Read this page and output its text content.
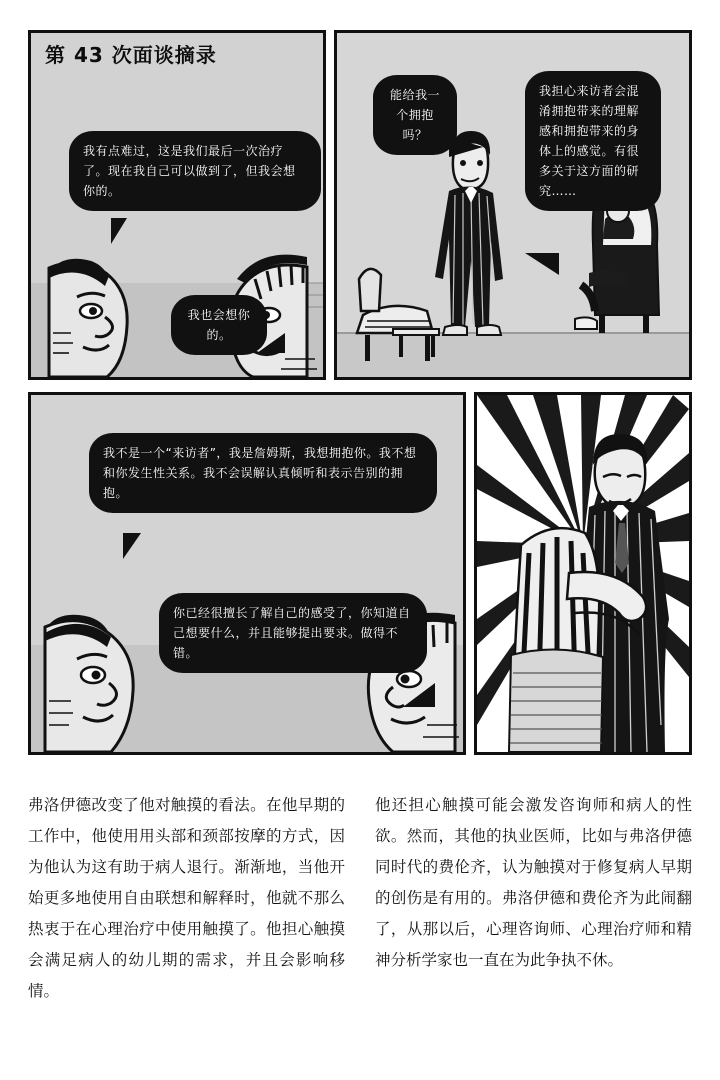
第 43 次面谈摘录
我有点难过，这是我们最后一次治疗了。现在我自己可以做到了，但我会想你的。
我也会想你的。
能给我一个拥抱吗？
我担心来访者会混淆拥抱带来的理解感和拥抱带来的身体上的感觉。有很多关于这方面的研究……
我不是一个“来访者”，我是詹姆斯，我想拥抱你。我不想和你发生性关系。我不会误解认真倾听和表示告别的拥抱。
你已经很擅长了解自己的感受了，你知道自己想要什么，并且能够提出要求。做得不错。
弗洛伊德改变了他对触摸的看法。在他早期的工作中，他使用用头部和颈部按摩的方式，因为他认为这有助于病人退行。渐渐地，当他开始更多地使用自由联想和解释时，他就不那么热衷于在心理治疗中使用触摸了。他担心触摸会满足病人的幼儿期的需求，并且会影响移情。
他还担心触摸可能会激发咨询师和病人的性欲。然而，其他的执业医师，比如与弗洛伊德同时代的费伦齐，认为触摸对于修复病人早期的创伤是有用的。弗洛伊德和费伦齐为此闹翻了，从那以后，心理咨询师、心理治疗师和精神分析学家也一直在为此争执不休。
